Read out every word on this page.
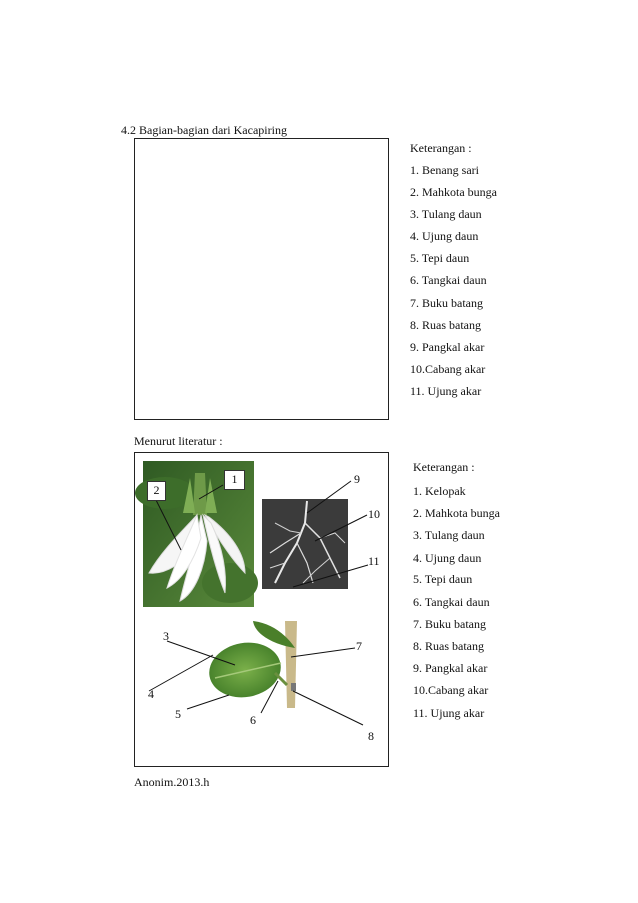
4.2 Bagian-bagian dari Kacapiring
Keterangan :
1. Benang sari
2. Mahkota bunga
3. Tulang daun
4. Ujung daun
5. Tepi daun
6. Tangkai daun
7. Buku batang
8. Ruas batang
9. Pangkal akar
10.Cabang akar
11. Ujung akar
Menurut literatur :
1
2
3
4
5	6
7
8
9
10
11
Keterangan :
1. Kelopak
2. Mahkota bunga
3. Tulang daun
4. Ujung daun
5. Tepi daun
6. Tangkai daun
7. Buku batang
8. Ruas batang
9. Pangkal akar
10.Cabang akar
11. Ujung akar
Anonim.2013.h
